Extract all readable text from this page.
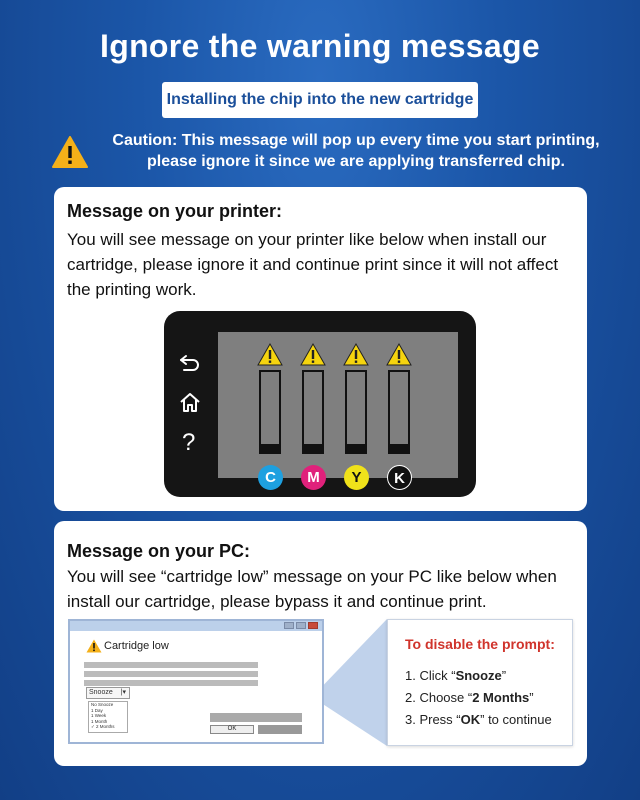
Ignore the warning message
Installing the chip into the new cartridge
Caution: This message will pop up every time you start printing,
please ignore it since we are applying transferred chip.
Message on your printer:
You will see message on your printer like below when install our cartridge, please ignore it and continue print since it will not affect the printing work.
?
C	M	Y	K
Message on your PC:
You will see “cartridge low” message on your PC like below when install our cartridge, please bypass it and continue print.
Cartridge low
Snooze |▾
No Snooze
1 Day
1 Week
1 Month
✓ 2 Months	OK
To disable the prompt:
1. Click “Snooze”
2. Choose “2 Months”
3. Press “OK” to continue
